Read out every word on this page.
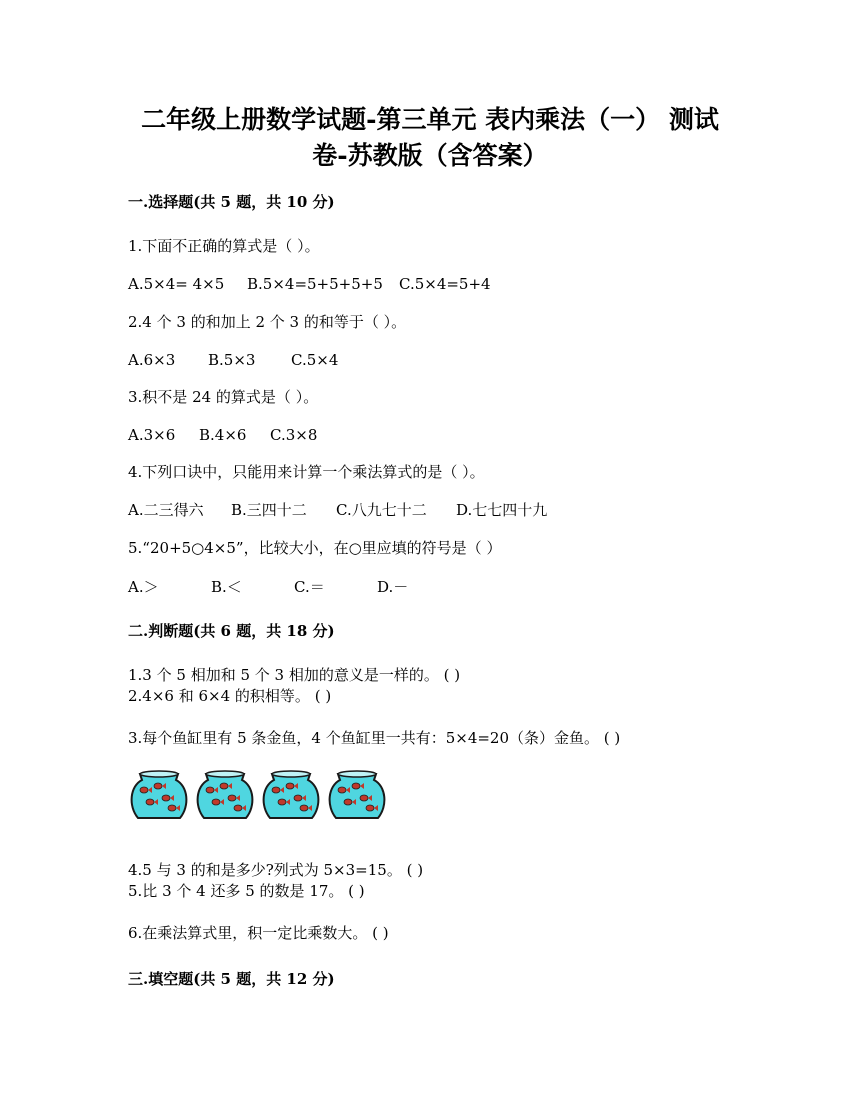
二年级上册数学试题-第三单元 表内乘法（一） 测试
卷-苏教版（含答案）
一.选择题(共 5 题，共 10 分)
1.下面不正确的算式是（ ）。
A.5×4= 4×5 B.5×4=5+5+5+5 C.5×4=5+4
2.4 个 3 的和加上 2 个 3 的和等于（ ）。
A.6×3 B.5×3 C.5×4
3.积不是 24 的算式是（ ）。
A.3×6 B.4×6 C.3×8
4.下列口诀中，只能用来计算一个乘法算式的是（ ）。
A.二三得六 B.三四十二 C.八九七十二 D.七七四十九
5.“20+5○4×5”，比较大小，在○里应填的符号是（ ）
A.＞	B.＜	C.＝	D.－
二.判断题(共 6 题，共 18 分)
1.3 个 5 相加和 5 个 3 相加的意义是一样的。 ( )
2.4×6 和 6×4 的积相等。 ( )
3.每个鱼缸里有 5 条金鱼，4 个鱼缸里一共有：5×4=20（条）金鱼。 ( )
4.5 与 3 的和是多少?列式为 5×3=15。 ( )
5.比 3 个 4 还多 5 的数是 17。 ( )
6.在乘法算式里，积一定比乘数大。 ( )
三.填空题(共 5 题，共 12 分)
